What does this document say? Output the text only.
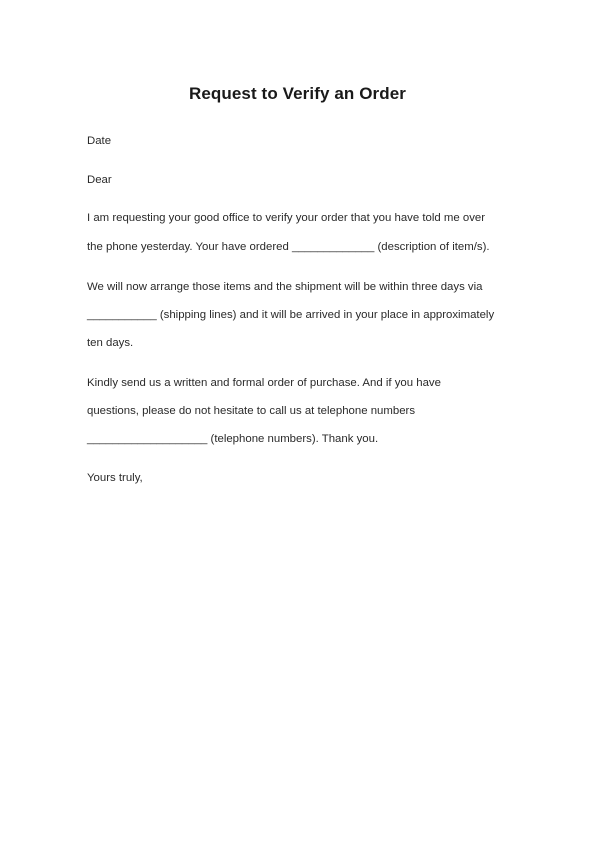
Request to Verify an Order
Date
Dear
I am requesting your good office to verify your order that you have told me over
the phone yesterday. Your have ordered _____________ (description of item/s).
We will now arrange those items and the shipment will be within three days via
___________ (shipping lines) and it will be arrived in your place in approximately
ten days.
Kindly send us a written and formal order of purchase. And if you have
questions, please do not hesitate to call us at telephone numbers
___________________ (telephone numbers). Thank you.
Yours truly,
